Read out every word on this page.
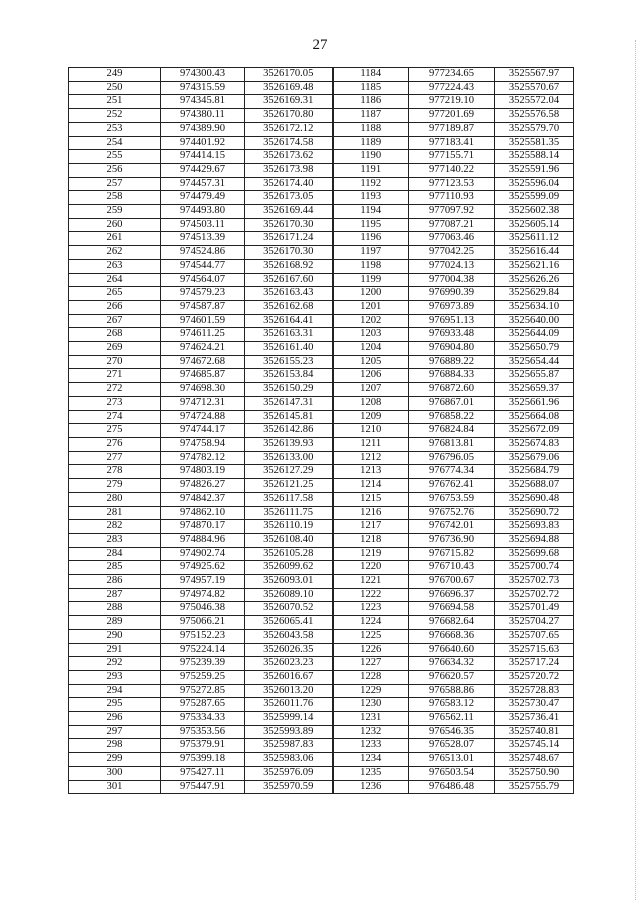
27
249	974300.43	3526170.05	1184	977234.65	3525567.97
250	974315.59	3526169.48	1185	977224.43	3525570.67
251	974345.81	3526169.31	1186	977219.10	3525572.04
252	974380.11	3526170.80	1187	977201.69	3525576.58
253	974389.90	3526172.12	1188	977189.87	3525579.70
254	974401.92	3526174.58	1189	977183.41	3525581.35
255	974414.15	3526173.62	1190	977155.71	3525588.14
256	974429.67	3526173.98	1191	977140.22	3525591.96
257	974457.31	3526174.40	1192	977123.53	3525596.04
258	974479.49	3526173.05	1193	977110.93	3525599.09
259	974493.80	3526169.44	1194	977097.92	3525602.38
260	974503.11	3526170.30	1195	977087.21	3525605.14
261	974513.39	3526171.24	1196	977063.46	3525611.12
262	974524.86	3526170.30	1197	977042.25	3525616.44
263	974544.77	3526168.92	1198	977024.13	3525621.16
264	974564.07	3526167.60	1199	977004.38	3525626.26
265	974579.23	3526163.43	1200	976990.39	3525629.84
266	974587.87	3526162.68	1201	976973.89	3525634.10
267	974601.59	3526164.41	1202	976951.13	3525640.00
268	974611.25	3526163.31	1203	976933.48	3525644.09
269	974624.21	3526161.40	1204	976904.80	3525650.79
270	974672.68	3526155.23	1205	976889.22	3525654.44
271	974685.87	3526153.84	1206	976884.33	3525655.87
272	974698.30	3526150.29	1207	976872.60	3525659.37
273	974712.31	3526147.31	1208	976867.01	3525661.96
274	974724.88	3526145.81	1209	976858.22	3525664.08
275	974744.17	3526142.86	1210	976824.84	3525672.09
276	974758.94	3526139.93	1211	976813.81	3525674.83
277	974782.12	3526133.00	1212	976796.05	3525679.06
278	974803.19	3526127.29	1213	976774.34	3525684.79
279	974826.27	3526121.25	1214	976762.41	3525688.07
280	974842.37	3526117.58	1215	976753.59	3525690.48
281	974862.10	3526111.75	1216	976752.76	3525690.72
282	974870.17	3526110.19	1217	976742.01	3525693.83
283	974884.96	3526108.40	1218	976736.90	3525694.88
284	974902.74	3526105.28	1219	976715.82	3525699.68
285	974925.62	3526099.62	1220	976710.43	3525700.74
286	974957.19	3526093.01	1221	976700.67	3525702.73
287	974974.82	3526089.10	1222	976696.37	3525702.72
288	975046.38	3526070.52	1223	976694.58	3525701.49
289	975066.21	3526065.41	1224	976682.64	3525704.27
290	975152.23	3526043.58	1225	976668.36	3525707.65
291	975224.14	3526026.35	1226	976640.60	3525715.63
292	975239.39	3526023.23	1227	976634.32	3525717.24
293	975259.25	3526016.67	1228	976620.57	3525720.72
294	975272.85	3526013.20	1229	976588.86	3525728.83
295	975287.65	3526011.76	1230	976583.12	3525730.47
296	975334.33	3525999.14	1231	976562.11	3525736.41
297	975353.56	3525993.89	1232	976546.35	3525740.81
298	975379.91	3525987.83	1233	976528.07	3525745.14
299	975399.18	3525983.06	1234	976513.01	3525748.67
300	975427.11	3525976.09	1235	976503.54	3525750.90
301	975447.91	3525970.59	1236	976486.48	3525755.79
